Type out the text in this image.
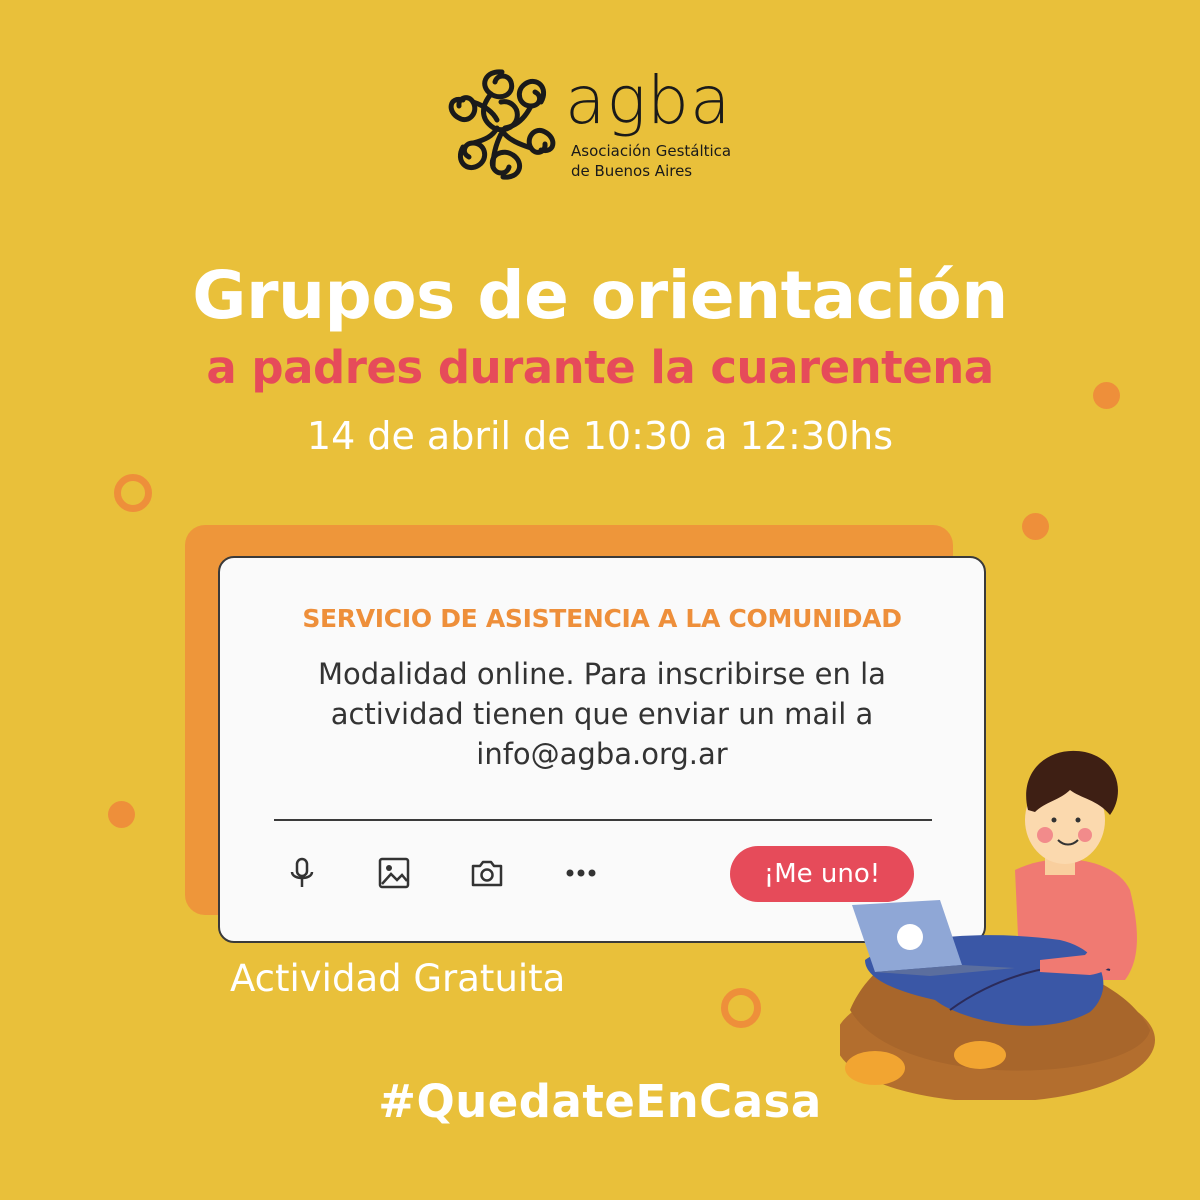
agba
Asociación Gestáltica
de Buenos Aires
Grupos de orientación
a padres durante la cuarentena
14 de abril de 10:30 a 12:30hs
SERVICIO DE ASISTENCIA A LA COMUNIDAD
Modalidad online. Para inscribirse en la actividad tienen que enviar un mail a info@agba.org.ar
¡Me uno!
Actividad Gratuita
#QuedateEnCasa
